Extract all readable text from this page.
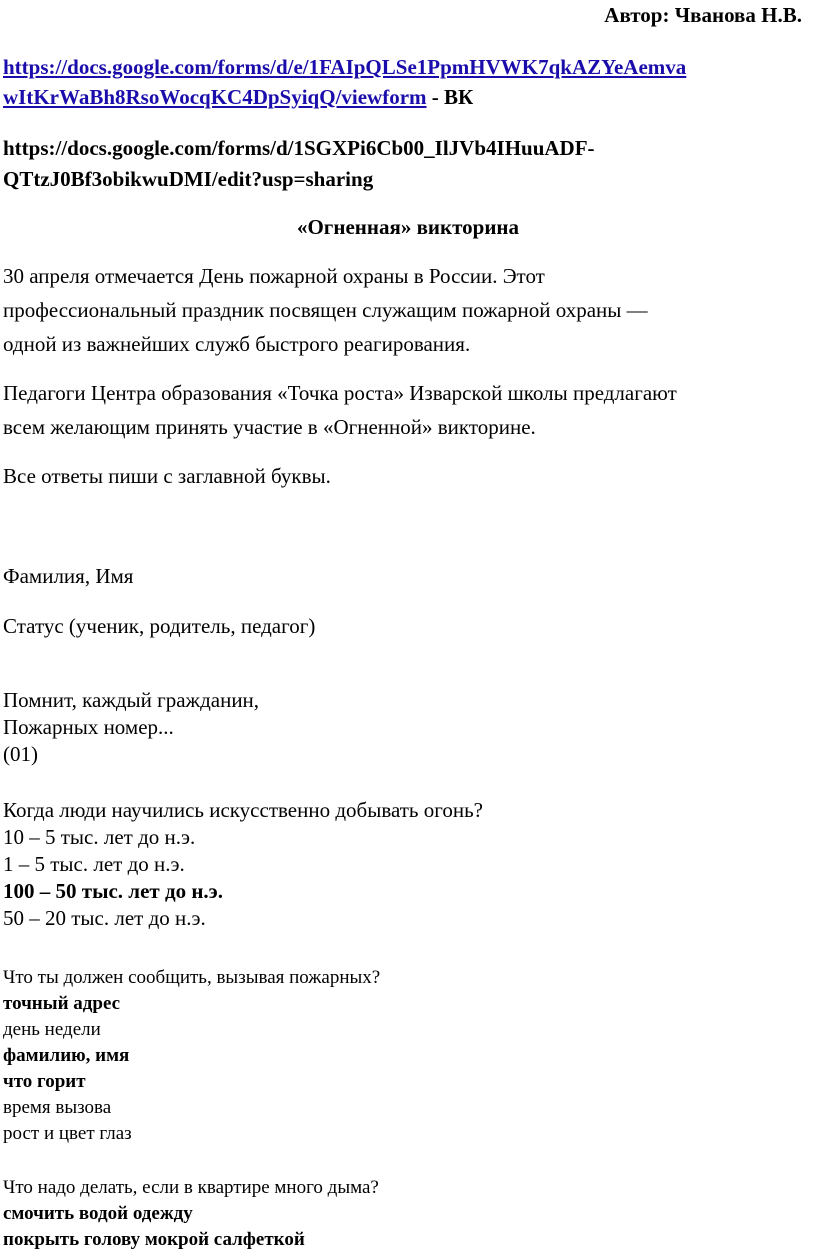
Автор: Чванова Н.В.
https://docs.google.com/forms/d/e/1FAIpQLSe1PpmHVWK7qkAZYeAemva
wItKrWaBh8RsoWocqKC4DpSyiqQ/viewform - ВК
https://docs.google.com/forms/d/1SGXPi6Cb00_IlJVb4IHuuADF-
QTtzJ0Bf3obikwuDMI/edit?usp=sharing
«Огненная» викторина
30 апреля отмечается День пожарной охраны в России. Этот
профессиональный праздник посвящен служащим пожарной охраны —
одной из важнейших служб быстрого реагирования.
Педагоги Центра образования «Точка роста» Изварской школы предлагают
всем желающим принять участие в «Огненной» викторине.
Все ответы пиши с заглавной буквы.
Фамилия, Имя
Статус (ученик, родитель, педагог)
Помнит, каждый гражданин,
Пожарных номер...
(01)
Когда люди научились искусственно добывать огонь?
10 – 5 тыс. лет до н.э.
1 – 5 тыс. лет до н.э.
100 – 50 тыс. лет до н.э.
50 – 20 тыс. лет до н.э.
Что ты должен сообщить, вызывая пожарных?
точный адрес
день недели
фамилию, имя
что горит
время вызова
рост и цвет глаз
Что надо делать, если в квартире много дыма?
смочить водой одежду
покрыть голову мокрой салфеткой
